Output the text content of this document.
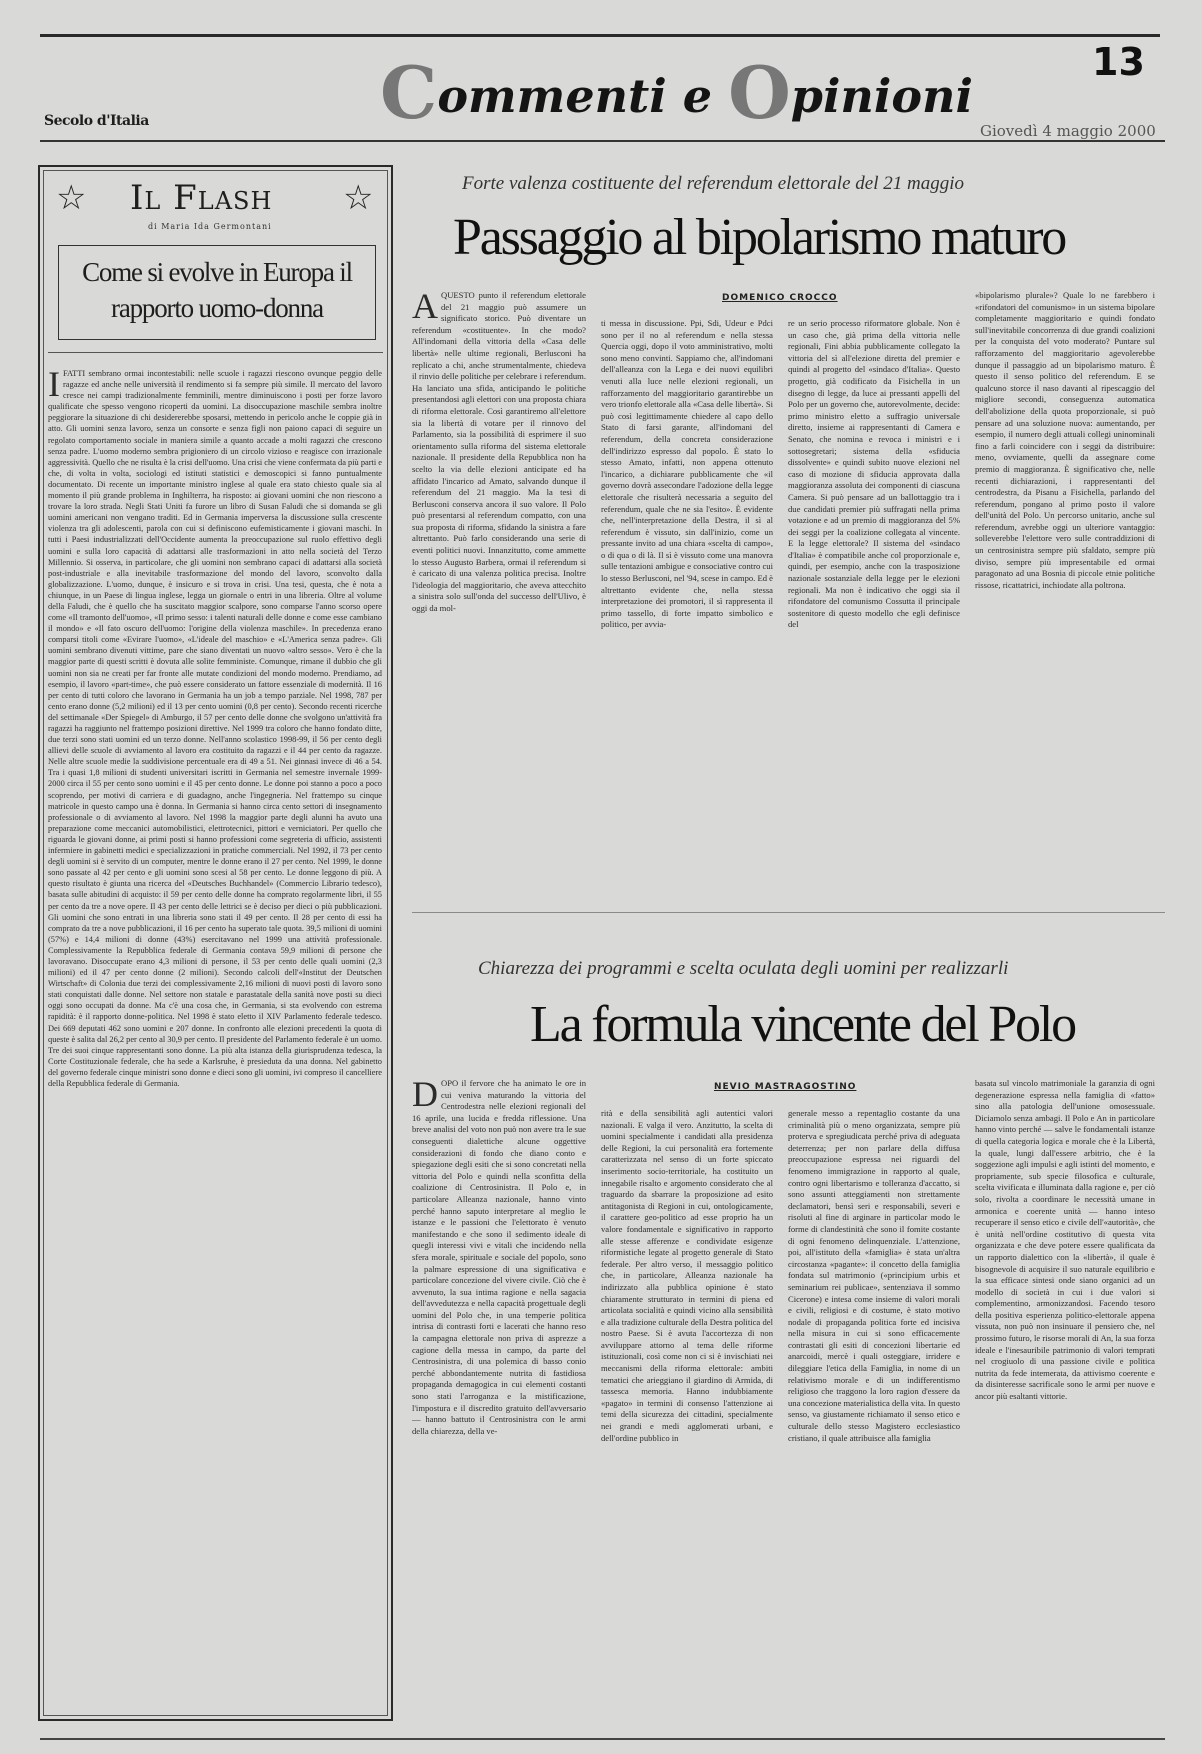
Commenti e Opinioni
13
Secolo d'Italia
Giovedì 4 maggio 2000
☆	☆
Il Flash
di Maria Ida Germontani
Come si evolve in Europa il rapporto uomo-donna
IFATTI sembrano ormai incontestabili: nelle scuole i ragazzi riescono ovunque peggio delle ragazze ed anche nelle università il rendimento si fa sempre più simile. Il mercato del lavoro cresce nei campi tradizionalmente femminili, mentre diminuiscono i posti per forze lavoro qualificate che spesso vengono ricoperti da uomini. La disoccupazione maschile sembra inoltre peggiorare la situazione di chi desidererebbe sposarsi, mettendo in pericolo anche le coppie già in atto. Gli uomini senza lavoro, senza un consorte e senza figli non paiono capaci di seguire un regolato comportamento sociale in maniera simile a quanto accade a molti ragazzi che crescono senza padre. L'uomo moderno sembra prigioniero di un circolo vizioso e reagisce con irrazionale aggressività. Quello che ne risulta è la crisi dell'uomo. Una crisi che viene confermata da più parti e che, di volta in volta, sociologi ed istituti statistici e demoscopici si fanno puntualmente documentato. Di recente un importante ministro inglese al quale era stato chiesto quale sia al momento il più grande problema in Inghilterra, ha risposto: ai giovani uomini che non riescono a trovare la loro strada. Negli Stati Uniti fa furore un libro di Susan Faludi che si domanda se gli uomini americani non vengano traditi. Ed in Germania imperversa la discussione sulla crescente violenza tra gli adolescenti, parola con cui si definiscono eufemisticamente i giovani maschi. In tutti i Paesi industrializzati dell'Occidente aumenta la preoccupazione sul ruolo effettivo degli uomini e sulla loro capacità di adattarsi alle trasformazioni in atto nella società del Terzo Millennio. Si osserva, in particolare, che gli uomini non sembrano capaci di adattarsi alla società post-industriale e alla inevitabile trasformazione del mondo del lavoro, sconvolto dalla globalizzazione. L'uomo, dunque, è insicuro e si trova in crisi. Una tesi, questa, che è nota a chiunque, in un Paese di lingua inglese, legga un giornale o entri in una libreria. Oltre al volume della Faludi, che è quello che ha suscitato maggior scalpore, sono comparse l'anno scorso opere come «Il tramonto dell'uomo», «Il primo sesso: i talenti naturali delle donne e come esse cambiano il mondo» e «Il fato oscuro dell'uomo: l'origine della violenza maschile». In precedenza erano comparsi titoli come «Evirare l'uomo», «L'ideale del maschio» e «L'America senza padre». Gli uomini sembrano divenuti vittime, pare che siano diventati un nuovo «altro sesso». Vero è che la maggior parte di questi scritti è dovuta alle solite femministe. Comunque, rimane il dubbio che gli uomini non sia ne creati per far fronte alle mutate condizioni del mondo moderno. Prendiamo, ad esempio, il lavoro «part-time», che può essere considerato un fattore essenziale di modernità. Il 16 per cento di tutti coloro che lavorano in Germania ha un job a tempo parziale. Nel 1998, 787 per cento erano donne (5,2 milioni) ed il 13 per cento uomini (0,8 per cento). Secondo recenti ricerche del settimanale «Der Spiegel» di Amburgo, il 57 per cento delle donne che svolgono un'attività fra ragazzi ha raggiunto nel frattempo posizioni direttive. Nel 1999 tra coloro che hanno fondato ditte, due terzi sono stati uomini ed un terzo donne. Nell'anno scolastico 1998-99, il 56 per cento degli allievi delle scuole di avviamento al lavoro era costituito da ragazzi e il 44 per cento da ragazze. Nelle altre scuole medie la suddivisione percentuale era di 49 a 51. Nei ginnasi invece di 46 a 54. Tra i quasi 1,8 milioni di studenti universitari iscritti in Germania nel semestre invernale 1999-2000 circa il 55 per cento sono uomini e il 45 per cento donne. Le donne poi stanno a poco a poco scoprendo, per motivi di carriera e di guadagno, anche l'ingegneria. Nel frattempo su cinque matricole in questo campo una è donna. In Germania si hanno circa cento settori di insegnamento professionale o di avviamento al lavoro. Nel 1998 la maggior parte degli alunni ha avuto una preparazione come meccanici automobilistici, elettrotecnici, pittori e verniciatori. Per quello che riguarda le giovani donne, ai primi posti si hanno professioni come segreteria di ufficio, assistenti infermiere in gabinetti medici e specializzazioni in pratiche commerciali. Nel 1992, il 73 per cento degli uomini si è servito di un computer, mentre le donne erano il 27 per cento. Nel 1999, le donne sono passate al 42 per cento e gli uomini sono scesi al 58 per cento. Le donne leggono di più. A questo risultato è giunta una ricerca del «Deutsches Buchhandel» (Commercio Librario tedesco), basata sulle abitudini di acquisto: il 59 per cento delle donne ha comprato regolarmente libri, il 55 per cento da tre a nove opere. Il 43 per cento delle lettrici se è deciso per dieci o più pubblicazioni. Gli uomini che sono entrati in una libreria sono stati il 49 per cento. Il 28 per cento di essi ha comprato da tre a nove pubblicazioni, il 16 per cento ha superato tale quota. 39,5 milioni di uomini (57%) e 14,4 milioni di donne (43%) esercitavano nel 1999 una attività professionale. Complessivamente la Repubblica federale di Germania contava 59,9 milioni di persone che lavoravano. Disoccupate erano 4,3 milioni di persone, il 53 per cento delle quali uomini (2,3 milioni) ed il 47 per cento donne (2 milioni). Secondo calcoli dell'«Institut der Deutschen Wirtschaft» di Colonia due terzi dei complessivamente 2,16 milioni di nuovi posti di lavoro sono stati conquistati dalle donne. Nel settore non statale e parastatale della sanità nove posti su dieci oggi sono occupati da donne. Ma c'è una cosa che, in Germania, si sta evolvendo con estrema rapidità: è il rapporto donne-politica. Nel 1998 è stato eletto il XIV Parlamento federale tedesco. Dei 669 deputati 462 sono uomini e 207 donne. In confronto alle elezioni precedenti la quota di queste è salita dal 26,2 per cento al 30,9 per cento. Il presidente del Parlamento federale è un uomo. Tre dei suoi cinque rappresentanti sono donne. La più alta istanza della giurisprudenza tedesca, la Corte Costituzionale federale, che ha sede a Karlsruhe, è presieduta da una donna. Nel gabinetto del governo federale cinque ministri sono donne e dieci sono gli uomini, ivi compreso il cancelliere della Repubblica federale di Germania.
Forte valenza costituente del referendum elettorale del 21 maggio
Passaggio al bipolarismo maturo
DOMENICO CROCCO
AQUESTO punto il referendum elettorale del 21 maggio può assumere un significato storico. Può diventare un referendum «costituente». In che modo? All'indomani della vittoria della «Casa delle libertà» nelle ultime regionali, Berlusconi ha replicato a chi, anche strumentalmente, chiedeva il rinvio delle politiche per celebrare i referendum. Ha lanciato una sfida, anticipando le politiche presentandosi agli elettori con una proposta chiara di riforma elettorale. Così garantiremo all'elettore sia la libertà di votare per il rinnovo del Parlamento, sia la possibilità di esprimere il suo orientamento sulla riforma del sistema elettorale nazionale. Il presidente della Repubblica non ha scelto la via delle elezioni anticipate ed ha affidato l'incarico ad Amato, salvando dunque il referendum del 21 maggio. Ma la tesi di Berlusconi conserva ancora il suo valore. Il Polo può presentarsi al referendum compatto, con una sua proposta di riforma, sfidando la sinistra a fare altrettanto. Può farlo considerando una serie di eventi politici nuovi. Innanzitutto, come ammette lo stesso Augusto Barbera, ormai il referendum si è caricato di una valenza politica precisa. Inoltre l'ideologia del maggioritario, che aveva attecchito a sinistra solo sull'onda del successo dell'Ulivo, è oggi da mol-
ti messa in discussione. Ppi, Sdi, Udeur e Pdci sono per il no al referendum e nella stessa Quercia oggi, dopo il voto amministrativo, molti sono meno convinti. Sappiamo che, all'indomani dell'alleanza con la Lega e dei nuovi equilibri venuti alla luce nelle elezioni regionali, un rafforzamento del maggioritario garantirebbe un vero trionfo elettorale alla «Casa delle libertà». Si può così legittimamente chiedere al capo dello Stato di farsi garante, all'indomani del referendum, della concreta considerazione dell'indirizzo espresso dal popolo. È stato lo stesso Amato, infatti, non appena ottenuto l'incarico, a dichiarare pubblicamente che «il governo dovrà assecondare l'adozione della legge elettorale che risulterà necessaria a seguito del referendum, quale che ne sia l'esito». È evidente che, nell'interpretazione della Destra, il sì al referendum è vissuto, sin dall'inizio, come un pressante invito ad una chiara «scelta di campo», o di qua o di là. Il sì è vissuto come una manovra sulle tentazioni ambigue e consociative contro cui lo stesso Berlusconi, nel '94, scese in campo. Ed è altrettanto evidente che, nella stessa interpretazione dei promotori, il sì rappresenta il primo tassello, di forte impatto simbolico e politico, per avvia-
re un serio processo riformatore globale. Non è un caso che, già prima della vittoria nelle regionali, Fini abbia pubblicamente collegato la vittoria del sì all'elezione diretta del premier e quindi al progetto del «sindaco d'Italia». Questo progetto, già codificato da Fisichella in un disegno di legge, da luce ai pressanti appelli del Polo per un governo che, autorevolmente, decide: primo ministro eletto a suffragio universale diretto, insieme ai rappresentanti di Camera e Senato, che nomina e revoca i ministri e i sottosegretari; sistema della «sfiducia dissolvente» e quindi subito nuove elezioni nel caso di mozione di sfiducia approvata dalla maggioranza assoluta dei componenti di ciascuna Camera. Si può pensare ad un ballottaggio tra i due candidati premier più suffragati nella prima votazione e ad un premio di maggioranza del 5% dei seggi per la coalizione collegata al vincente. E la legge elettorale? Il sistema del «sindaco d'Italia» è compatibile anche col proporzionale e, quindi, per esempio, anche con la trasposizione nazionale sostanziale della legge per le elezioni regionali. Ma non è indicativo che oggi sia il rifondatore del comunismo Cossutta il principale sostenitore di questo modello che egli definisce del
«bipolarismo plurale»? Quale lo ne farebbero i «rifondatori del comunismo» in un sistema bipolare completamente maggioritario e quindi fondato sull'inevitabile concorrenza di due grandi coalizioni per la conquista del voto moderato? Puntare sul rafforzamento del maggioritario agevolerebbe dunque il passaggio ad un bipolarismo maturo. È questo il senso politico del referendum. E se qualcuno storce il naso davanti al ripescaggio del migliore secondi, conseguenza automatica dell'abolizione della quota proporzionale, si può pensare ad una soluzione nuova: aumentando, per esempio, il numero degli attuali collegi uninominali fino a farli coincidere con i seggi da distribuire: meno, ovviamente, quelli da assegnare come premio di maggioranza. È significativo che, nelle recenti dichiarazioni, i rappresentanti del centrodestra, da Pisanu a Fisichella, parlando del referendum, pongano al primo posto il valore dell'unità del Polo. Un percorso unitario, anche sul referendum, avrebbe oggi un ulteriore vantaggio: solleverebbe l'elettore vero sulle contraddizioni di un centrosinistra sempre più sfaldato, sempre più diviso, sempre più impresentabile ed ormai paragonato ad una Bosnia di piccole etnie politiche rissose, ricattatrici, inchiodate alla poltrona.
Chiarezza dei programmi e scelta oculata degli uomini per realizzarli
La formula vincente del Polo
NEVIO MASTRAGOSTINO
DOPO il fervore che ha animato le ore in cui veniva maturando la vittoria del Centrodestra nelle elezioni regionali del 16 aprile, una lucida e fredda riflessione. Una breve analisi del voto non può non avere tra le sue conseguenti dialettiche alcune oggettive considerazioni di fondo che diano conto e spiegazione degli esiti che si sono concretati nella vittoria del Polo e quindi nella sconfitta della coalizione di Centrosinistra. Il Polo e, in particolare Alleanza nazionale, hanno vinto perché hanno saputo interpretare al meglio le istanze e le passioni che l'elettorato è venuto manifestando e che sono il sedimento ideale di quegli interessi vivi e vitali che incidendo nella sfera morale, spirituale e sociale del popolo, sono la palmare espressione di una significativa e particolare concezione del vivere civile. Ciò che è avvenuto, la sua intima ragione e nella sagacia dell'avvedutezza e nella capacità progettuale degli uomini del Polo che, in una temperie politica intrisa di contrasti forti e lacerati che hanno reso la campagna elettorale non priva di asprezze a cagione della messa in campo, da parte del Centrosinistra, di una polemica di basso conio perché abbondantemente nutrita di fastidiosa propaganda demagogica in cui elementi costanti sono stati l'arroganza e la mistificazione, l'impostura e il discredito gratuito dell'avversario — hanno battuto il Centrosinistra con le armi della chiarezza, della ve-
rità e della sensibilità agli autentici valori nazionali. E valga il vero. Anzitutto, la scelta di uomini specialmente i candidati alla presidenza delle Regioni, la cui personalità era fortemente caratterizzata nel senso di un forte spiccato inserimento socio-territoriale, ha costituito un innegabile risalto e argomento considerato che al traguardo da sbarrare la proposizione ad esito antitagonista di Regioni in cui, ontologicamente, il carattere geo-politico ad esse proprio ha un valore fondamentale e significativo in rapporto alle stesse afferenze e condividate esigenze riformistiche legate al progetto generale di Stato federale. Per altro verso, il messaggio politico che, in particolare, Alleanza nazionale ha indirizzato alla pubblica opinione è stato chiaramente strutturato in termini di piena ed articolata socialità e quindi vicino alla sensibilità e alla tradizione culturale della Destra politica del nostro Paese. Si è avuta l'accortezza di non avviluppare attorno al tema delle riforme istituzionali, così come non ci si è invischiati nei meccanismi della riforma elettorale: ambiti tematici che arieggiano il giardino di Armida, di tassesca memoria. Hanno indubbiamente «pagato» in termini di consenso l'attenzione ai temi della sicurezza dei cittadini, specialmente nei grandi e medi agglomerati urbani, e dell'ordine pubblico in
generale messo a repentaglio costante da una criminalità più o meno organizzata, sempre più proterva e spregiudicata perché priva di adeguata deterrenza; per non parlare della diffusa preoccupazione espressa nei riguardi del fenomeno immigrazione in rapporto al quale, contro ogni libertarismo e tolleranza d'accatto, si sono assunti atteggiamenti non strettamente declamatori, bensì seri e responsabili, severi e risoluti al fine di arginare in particolar modo le forme di clandestinità che sono il fomite costante di ogni fenomeno delinquenziale. L'attenzione, poi, all'istituto della «famiglia» è stata un'altra circostanza «pagante»: il concetto della famiglia fondata sul matrimonio («principium urbis et seminarium rei publicae», sentenziava il sommo Cicerone) e intesa come insieme di valori morali e civili, religiosi e di costume, è stato motivo nodale di propaganda politica forte ed incisiva nella misura in cui si sono efficacemente contrastati gli esiti di concezioni libertarie ed anarcoidi, mercè i quali osteggiare, irridere e dileggiare l'etica della Famiglia, in nome di un relativismo morale e di un indifferentismo religioso che traggono la loro ragion d'essere da una concezione materialistica della vita. In questo senso, va giustamente richiamato il senso etico e culturale dello stesso Magistero ecclesiastico cristiano, il quale attribuisce alla famiglia
basata sul vincolo matrimoniale la garanzia di ogni degenerazione espressa nella famiglia di «fatto» sino alla patologia dell'unione omosessuale. Diciamolo senza ambagi. Il Polo e An in particolare hanno vinto perché — salve le fondamentali istanze di quella categoria logica e morale che è la Libertà, la quale, lungi dall'essere arbitrio, che è la soggezione agli impulsi e agli istinti del momento, e propriamente, sub specie filosofica e culturale, scelta vivificata e illuminata dalla ragione e, per ciò solo, rivolta a coordinare le necessità umane in armonica e coerente unità — hanno inteso recuperare il senso etico e civile dell'«autorità», che è unità nell'ordine costitutivo di questa vita organizzata e che deve potere essere qualificata da un rapporto dialettico con la «libertà», il quale è bisognevole di acquisire il suo naturale equilibrio e la sua efficace sintesi onde siano organici ad un modello di società in cui i due valori si complementino, armonizzandosi. Facendo tesoro della positiva esperienza politico-elettorale appena vissuta, non può non insinuare il pensiero che, nel prossimo futuro, le risorse morali di An, la sua forza ideale e l'inesauribile patrimonio di valori temprati nel crogiuolo di una passione civile e politica nutrita da fede intemerata, da attivismo coerente e da disinteresse sacrificale sono le armi per nuove e ancor più esaltanti vittorie.
